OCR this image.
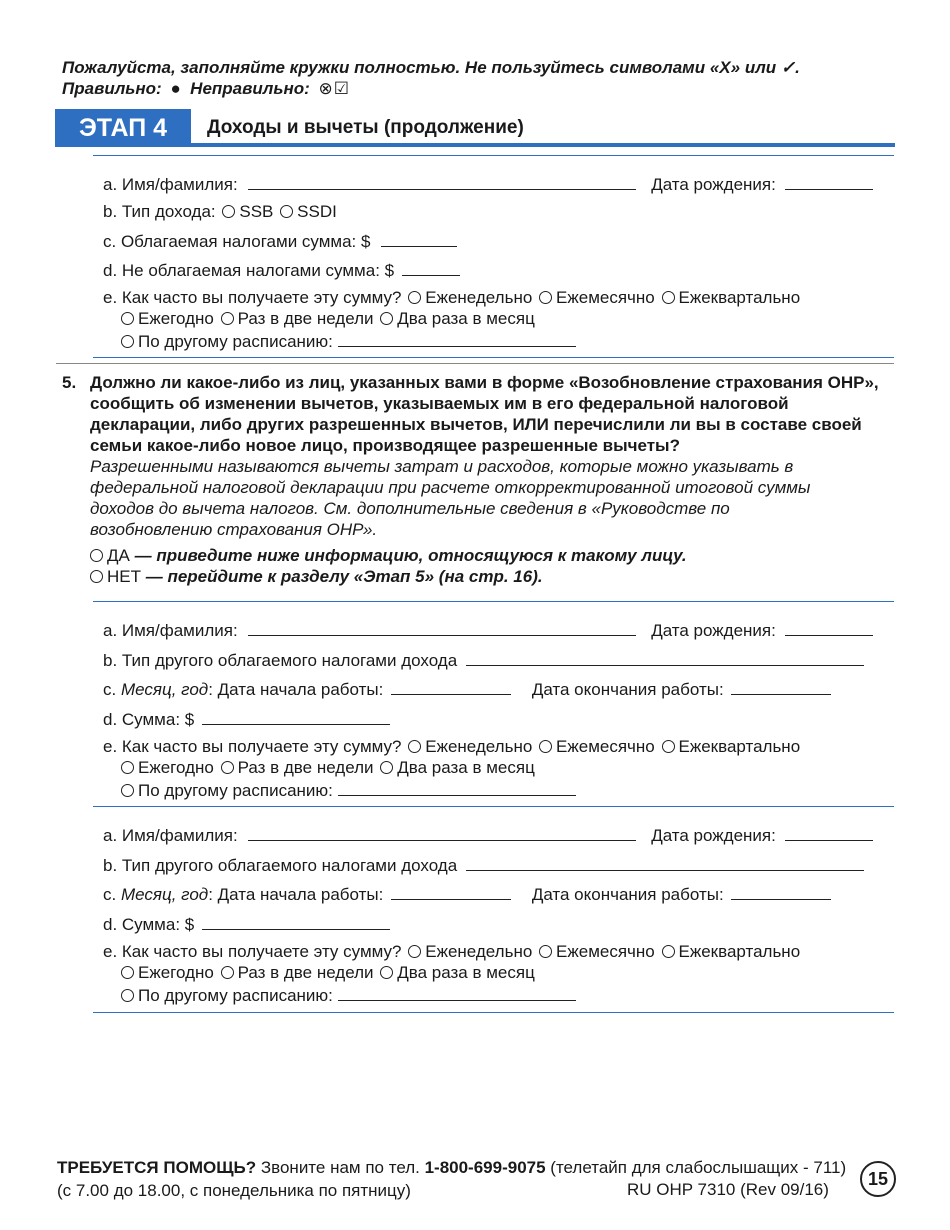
Пожалуйста, заполняйте кружки полностью. Не пользуйтесь символами «X» или ✓.
Правильно: ● Неправильно: ⊗☑
ЭТАП 4	Доходы и вычеты (продолжение)
a. Имя/фамилия:	Дата рождения:
b. Тип дохода: SSB SSDI
c. Облагаемая налогами сумма: $
d. Не облагаемая налогами сумма: $
e. Как часто вы получаете эту сумму? Еженедельно Ежемесячно Ежеквартально
Ежегодно Раз в две недели Два раза в месяц
По другому расписанию:
5. Должно ли какое-либо из лиц, указанных вами в форме «Возобновление страхования ОНР», сообщить об изменении вычетов, указываемых им в его федеральной налоговой декларации, либо других разрешенных вычетов, ИЛИ перечислили ли вы в составе своей семьи какое-либо новое лицо, производящее разрешенные вычеты?
Разрешенными называются вычеты затрат и расходов, которые можно указывать в федеральной налоговой декларации при расчете откорректированной итоговой суммы доходов до вычета налогов. См. дополнительные сведения в «Руководстве по возобновлению страхования ОНР».
ДА — приведите ниже информацию, относящуюся к такому лицу.
НЕТ — перейдите к разделу «Этап 5» (на стр. 16).
a. Имя/фамилия:	Дата рождения:
b. Тип другого облагаемого налогами дохода
c. Месяц, год: Дата начала работы:	Дата окончания работы:
d. Сумма: $
e. Как часто вы получаете эту сумму? Еженедельно Ежемесячно Ежеквартально
Ежегодно Раз в две недели Два раза в месяц
По другому расписанию:
a. Имя/фамилия:	Дата рождения:
b. Тип другого облагаемого налогами дохода
c. Месяц, год: Дата начала работы:	Дата окончания работы:
d. Сумма: $
e. Как часто вы получаете эту сумму? Еженедельно Ежемесячно Ежеквартально
Ежегодно Раз в две недели Два раза в месяц
По другому расписанию:
ТРЕБУЕТСЯ ПОМОЩЬ? Звоните нам по тел. 1-800-699-9075 (телетайп для слабослышащих - 711)
(с 7.00 до 18.00, с понедельника по пятницу)	RU OHP 7310 (Rev 09/16)
15
